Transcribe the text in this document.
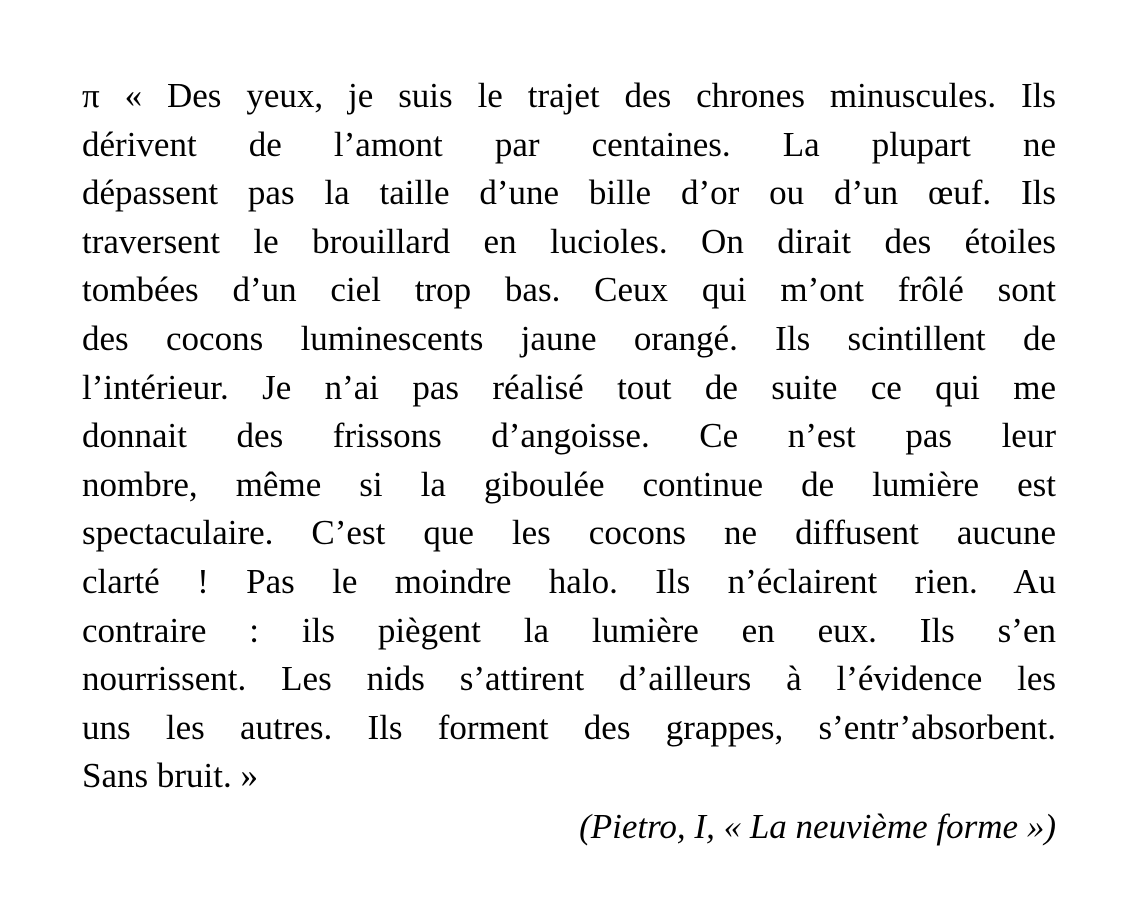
π « Des yeux, je suis le trajet des chrones minuscules. Ils
dérivent de l’amont par centaines. La plupart ne
dépassent pas la taille d’une bille d’or ou d’un œuf. Ils
traversent le brouillard en lucioles. On dirait des étoiles
tombées d’un ciel trop bas. Ceux qui m’ont frôlé sont
des cocons luminescents jaune orangé. Ils scintillent de
l’intérieur. Je n’ai pas réalisé tout de suite ce qui me
donnait des frissons d’angoisse. Ce n’est pas leur
nombre, même si la giboulée continue de lumière est
spectaculaire. C’est que les cocons ne diffusent aucune
clarté ! Pas le moindre halo. Ils n’éclairent rien. Au
contraire : ils piègent la lumière en eux. Ils s’en
nourrissent. Les nids s’attirent d’ailleurs à l’évidence les
uns les autres. Ils forment des grappes, s’entr’absorbent.
Sans bruit. »
(Pietro, I, « La neuvième forme »)
